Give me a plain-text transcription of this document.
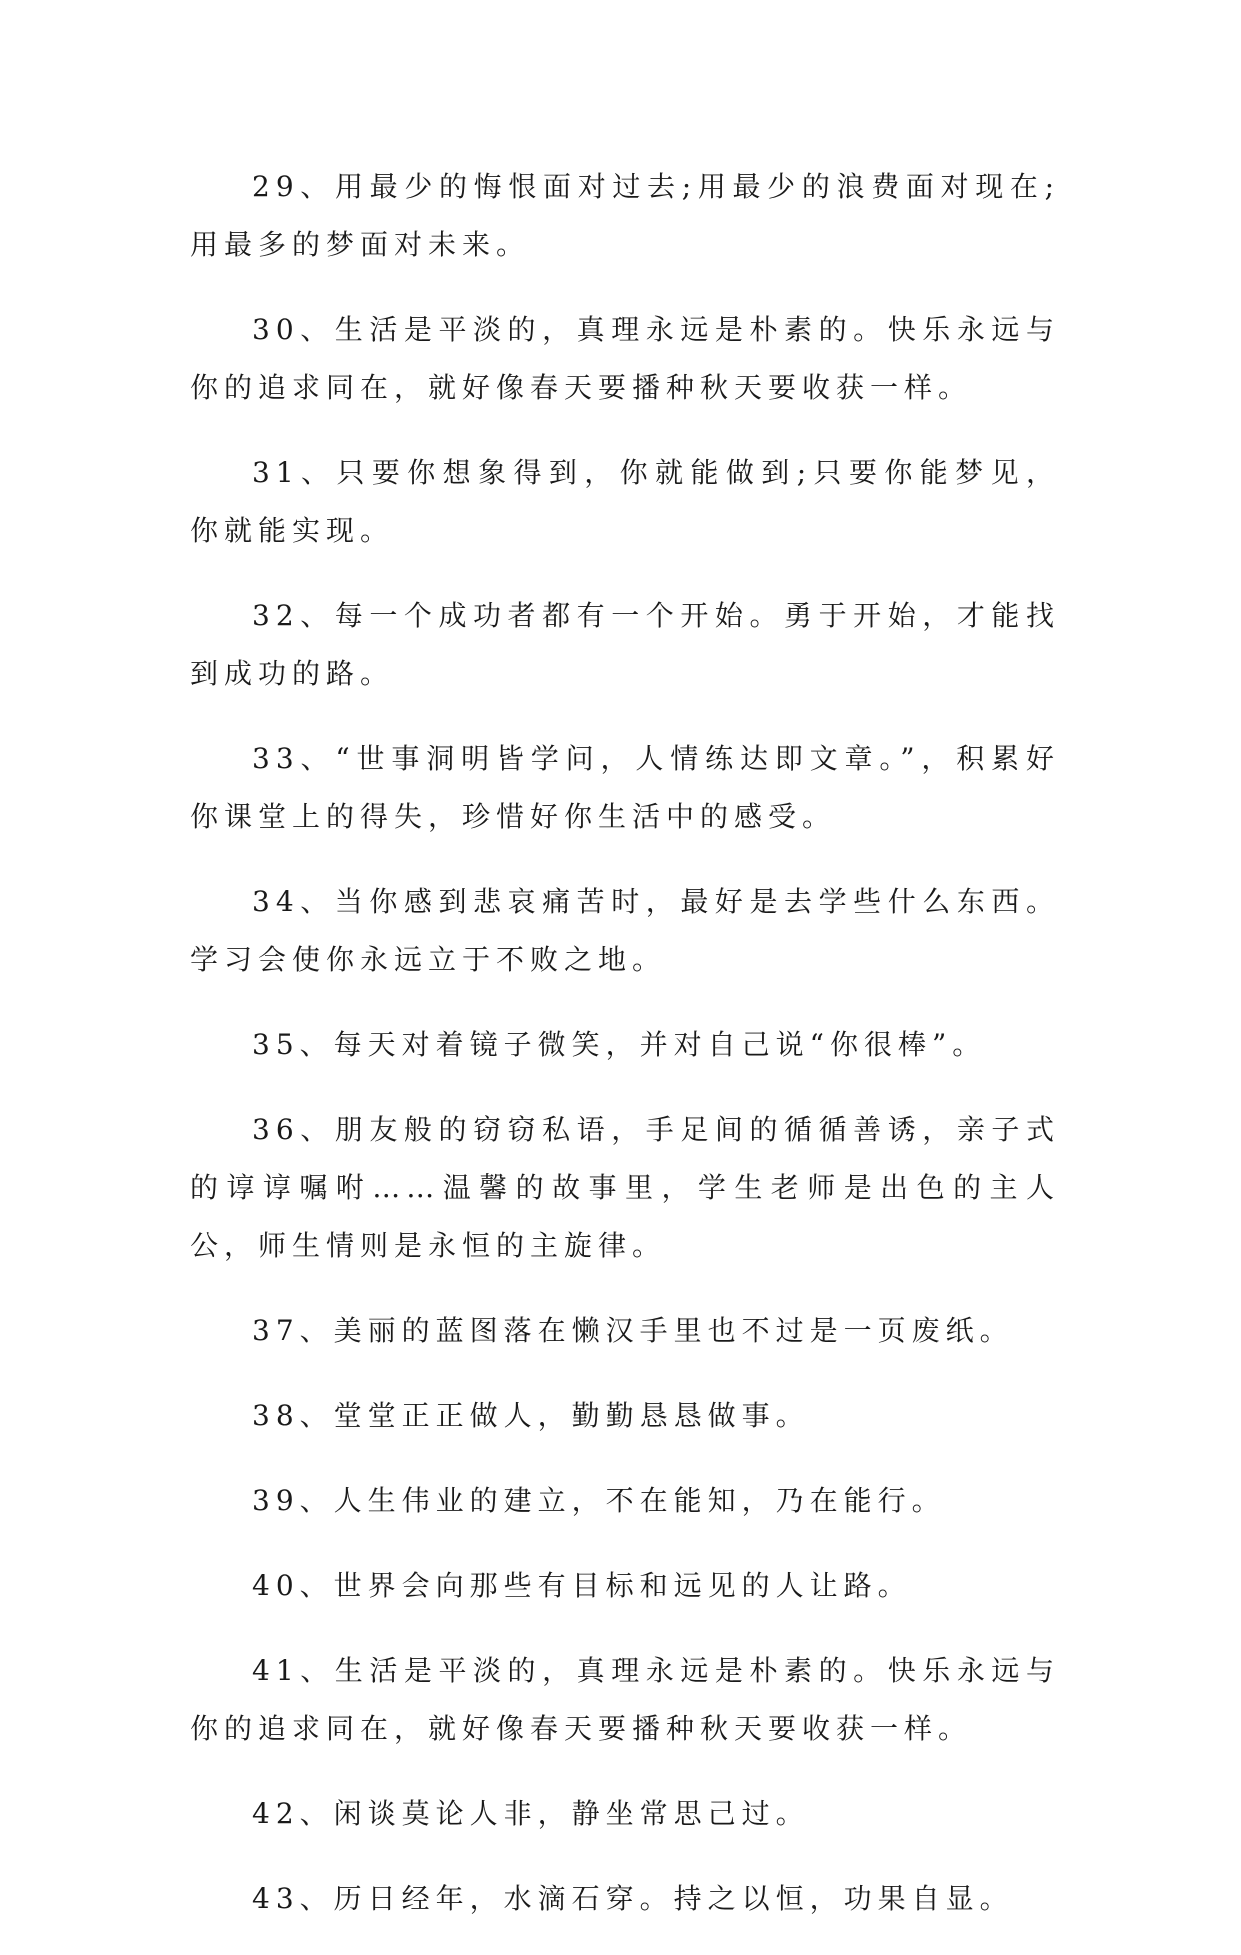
29、用最少的悔恨面对过去;用最少的浪费面对现在;用最多的梦面对未来。

30、生活是平淡的，真理永远是朴素的。快乐永远与你的追求同在，就好像春天要播种秋天要收获一样。

31、只要你想象得到，你就能做到;只要你能梦见，你就能实现。

32、每一个成功者都有一个开始。勇于开始，才能找到成功的路。

33、“世事洞明皆学问，人情练达即文章。”，积累好你课堂上的得失，珍惜好你生活中的感受。

34、当你感到悲哀痛苦时，最好是去学些什么东西。学习会使你永远立于不败之地。

35、每天对着镜子微笑，并对自己说“你很棒”。

36、朋友般的窃窃私语，手足间的循循善诱，亲子式的谆谆嘱咐……温馨的故事里，学生老师是出色的主人公，师生情则是永恒的主旋律。

37、美丽的蓝图落在懒汉手里也不过是一页废纸。

38、堂堂正正做人，勤勤恳恳做事。

39、人生伟业的建立，不在能知，乃在能行。

40、世界会向那些有目标和远见的人让路。

41、生活是平淡的，真理永远是朴素的。快乐永远与你的追求同在，就好像春天要播种秋天要收获一样。

42、闲谈莫论人非，静坐常思己过。

43、历日经年，水滴石穿。持之以恒，功果自显。
